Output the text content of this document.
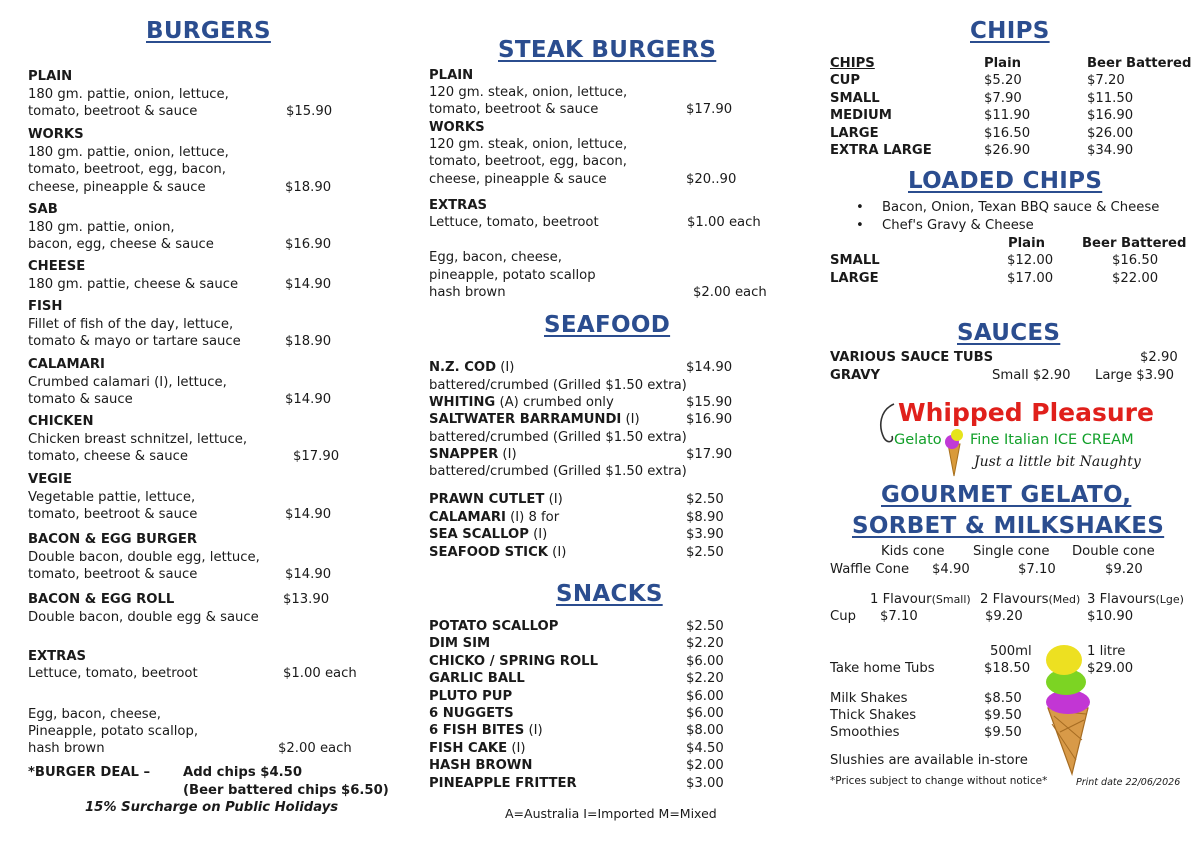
BURGERS
PLAIN
180 gm. pattie, onion, lettuce,
tomato, beetroot & sauce	$15.90
WORKS
180 gm. pattie, onion, lettuce,
tomato, beetroot, egg, bacon,
cheese, pineapple & sauce	$18.90
SAB
180 gm. pattie, onion,
bacon, egg, cheese & sauce	$16.90
CHEESE
180 gm. pattie, cheese & sauce	$14.90
FISH
Fillet of fish of the day, lettuce,
tomato & mayo or tartare sauce	$18.90
CALAMARI
Crumbed calamari (I), lettuce,
tomato & sauce	$14.90
CHICKEN
Chicken breast schnitzel, lettuce,
tomato, cheese & sauce	$17.90
VEGIE
Vegetable pattie, lettuce,
tomato, beetroot & sauce	$14.90
BACON & EGG BURGER
Double bacon, double egg, lettuce,
tomato, beetroot & sauce	$14.90
BACON & EGG ROLL
Double bacon, double egg & sauce
$13.90
EXTRAS
Lettuce, tomato, beetroot	$1.00 each
Egg, bacon, cheese,
Pineapple, potato scallop,
hash brown	$2.00 each
*BURGER DEAL – Add chips $4.50
(Beer battered chips $6.50)
15% Surcharge on Public Holidays
STEAK BURGERS
PLAIN
120 gm. steak, onion, lettuce,
tomato, beetroot & sauce	$17.90
WORKS
120 gm. steak, onion, lettuce,
tomato, beetroot, egg, bacon,
cheese, pineapple & sauce	$20..90
EXTRAS
Lettuce, tomato, beetroot	$1.00 each
Egg, bacon, cheese,
pineapple, potato scallop
hash brown	$2.00 each
SEAFOOD
N.Z. COD (I)	$14.90
battered/crumbed (Grilled $1.50 extra)
WHITING (A) crumbed only	$15.90
SALTWATER BARRAMUNDI (I)	$16.90
battered/crumbed (Grilled $1.50 extra)
SNAPPER (I)	$17.90
battered/crumbed (Grilled $1.50 extra)
PRAWN CUTLET (I)	$2.50
CALAMARI (I) 8 for	$8.90
SEA SCALLOP (I)	$3.90
SEAFOOD STICK (I)	$2.50
SNACKS
POTATO SCALLOP	$2.50
DIM SIM	$2.20
CHICKO / SPRING ROLL	$6.00
GARLIC BALL	$2.20
PLUTO PUP	$6.00
6 NUGGETS	$6.00
6 FISH BITES (I)	$8.00
FISH CAKE (I)	$4.50
HASH BROWN	$2.00
PINEAPPLE FRITTER	$3.00
A=Australia I=Imported M=Mixed
CHIPS
CHIPS	Plain	Beer Battered
CUP	$5.20	$7.20
SMALL	$7.90	$11.50
MEDIUM	$11.90	$16.90
LARGE	$16.50	$26.00
EXTRA LARGE	$26.90	$34.90
LOADED CHIPS
• Bacon, Onion, Texan BBQ sauce & Cheese
• Chef's Gravy & Cheese
Plain	Beer Battered
SMALL	$12.00	$16.50
LARGE	$17.00	$22.00
SAUCES
VARIOUS SAUCE TUBS	$2.90
GRAVY	Small $2.90 Large $3.90
Whipped Pleasure
Gelato Fine Italian ICE CREAM
Just a little bit Naughty
GOURMET GELATO,
SORBET & MILKSHAKES
Kids cone Single cone Double cone
Waffle Cone $4.90	$7.10	$9.20
1 Flavour(Small) 2 Flavours(Med) 3 Flavours(Lge)
Cup $7.10	$9.20	$10.90
500ml	1 litre
Take home Tubs	$18.50	$29.00
Milk Shakes	$8.50
Thick Shakes	$9.50
Smoothies	$9.50
Slushies are available in-store
*Prices subject to change without notice*	Print date 22/06/2026
